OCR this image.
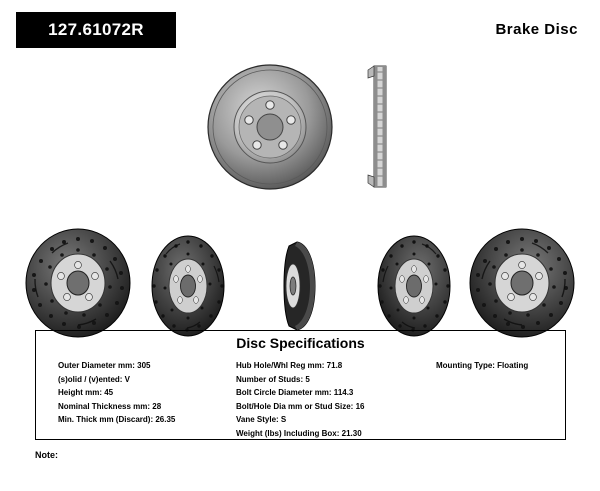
127.61072R	Brake Disc
Disc Specifications
Outer Diameter mm: 305
(s)olid / (v)ented: V
Height mm: 45
Nominal Thickness mm: 28
Min. Thick mm (Discard): 26.35
Hub Hole/Whl Reg mm: 71.8
Number of Studs: 5
Bolt Circle Diameter mm: 114.3
Bolt/Hole Dia mm or Stud Size: 16
Vane Style: S
Weight (lbs) Including Box: 21.30
Mounting Type: Floating
Note:
